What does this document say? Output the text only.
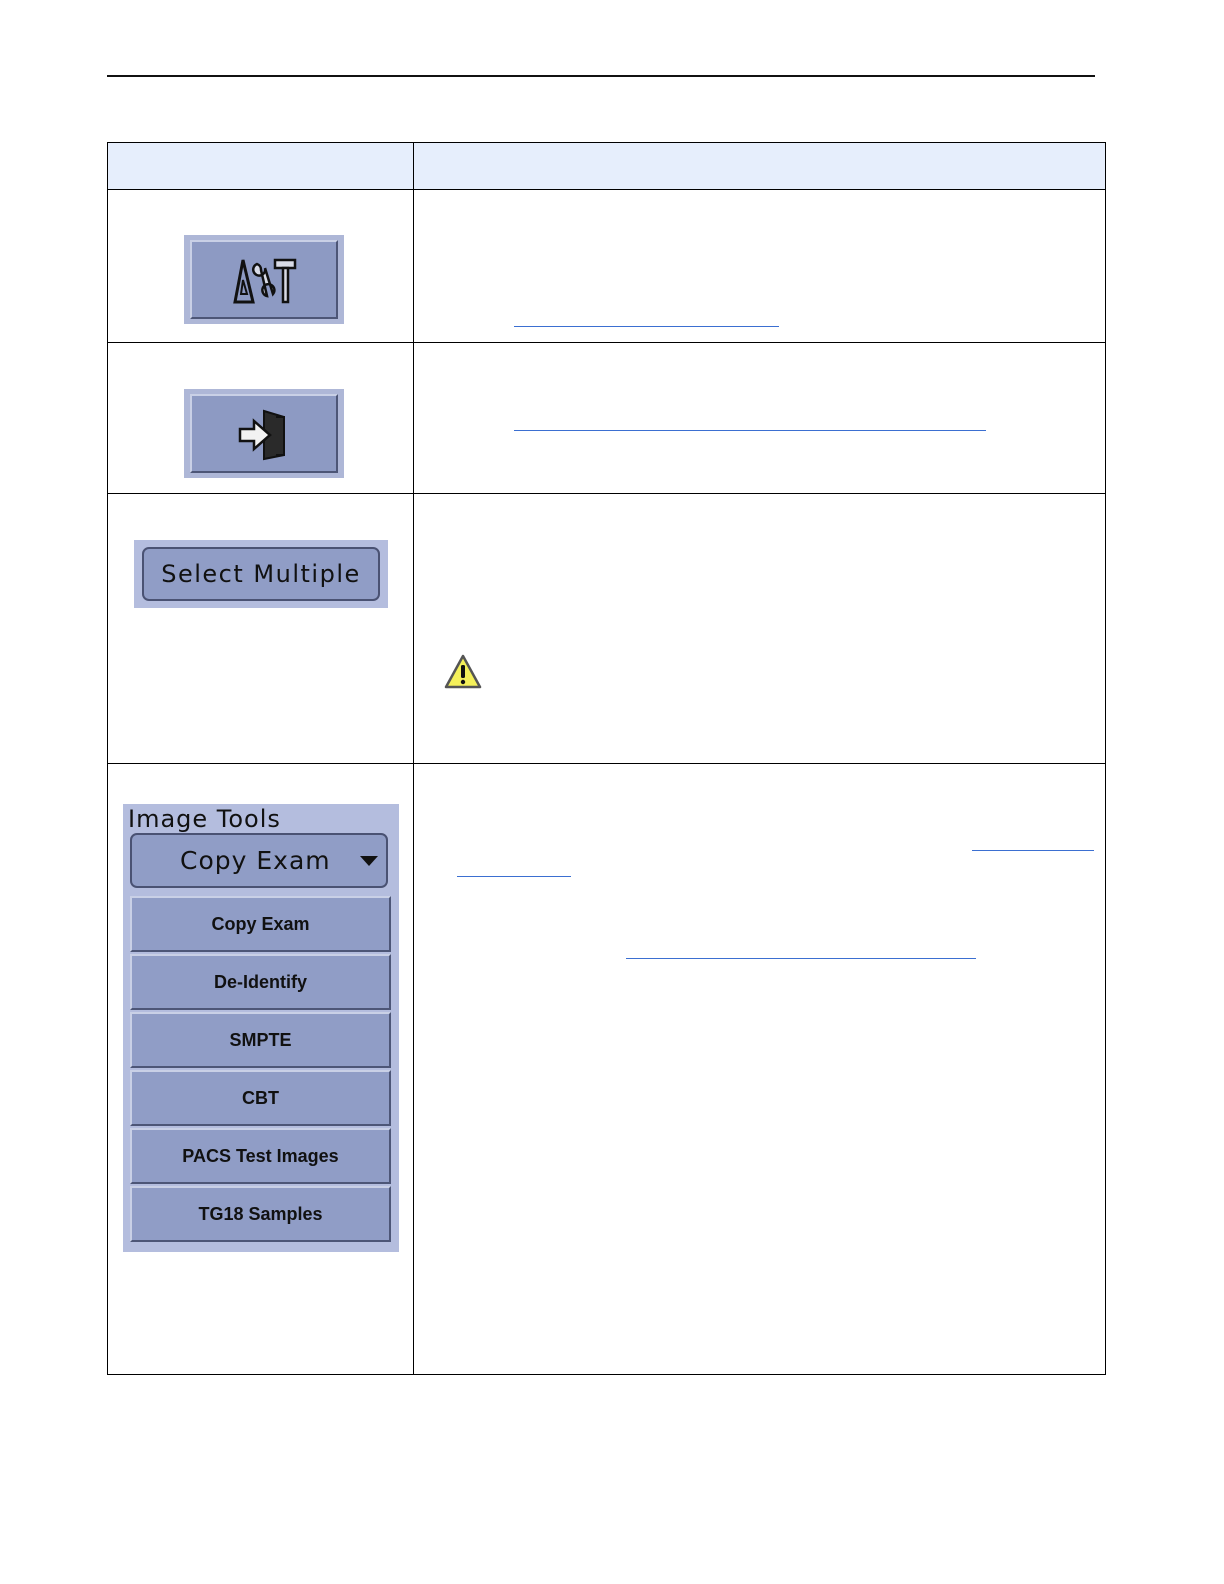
Select Multiple
Image Tools
Copy Exam
Copy Exam
De-Identify
SMPTE
CBT
PACS Test Images
TG18 Samples
